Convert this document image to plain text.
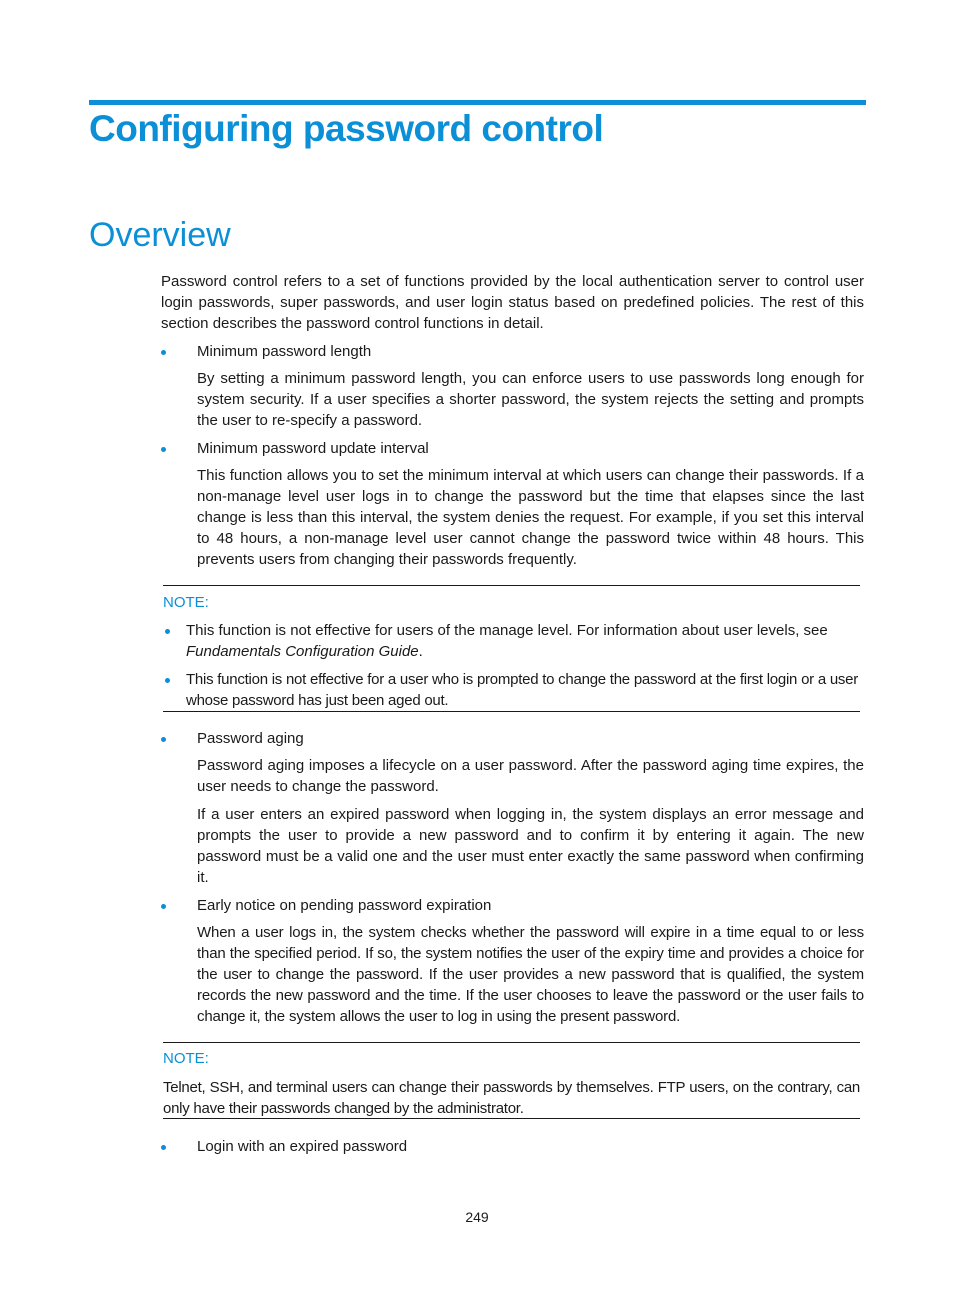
Configuring password control
Overview

Password control refers to a set of functions provided by the local authentication server to control user login passwords, super passwords, and user login status based on predefined policies. The rest of this section describes the password control functions in detail.

Minimum password length

By setting a minimum password length, you can enforce users to use passwords long enough for system security. If a user specifies a shorter password, the system rejects the setting and prompts the user to re-specify a password.

Minimum password update interval

This function allows you to set the minimum interval at which users can change their passwords. If a non-manage level user logs in to change the password but the time that elapses since the last change is less than this interval, the system denies the request. For example, if you set this interval to 48 hours, a non-manage level user cannot change the password twice within 48 hours. This prevents users from changing their passwords frequently.

NOTE:

This function is not effective for users of the manage level. For information about user levels, see Fundamentals Configuration Guide.
This function is not effective for a user who is prompted to change the password at the first login or a user whose password has just been aged out.
Password aging

Password aging imposes a lifecycle on a user password. After the password aging time expires, the user needs to change the password.

If a user enters an expired password when logging in, the system displays an error message and prompts the user to provide a new password and to confirm it by entering it again. The new password must be a valid one and the user must enter exactly the same password when confirming it.

Early notice on pending password expiration

When a user logs in, the system checks whether the password will expire in a time equal to or less than the specified period. If so, the system notifies the user of the expiry time and provides a choice for the user to change the password. If the user provides a new password that is qualified, the system records the new password and the time. If the user chooses to leave the password or the user fails to change it, the system allows the user to log in using the present password.

NOTE:

Telnet, SSH, and terminal users can change their passwords by themselves. FTP users, on the contrary, can only have their passwords changed by the administrator.

Login with an expired password
249
